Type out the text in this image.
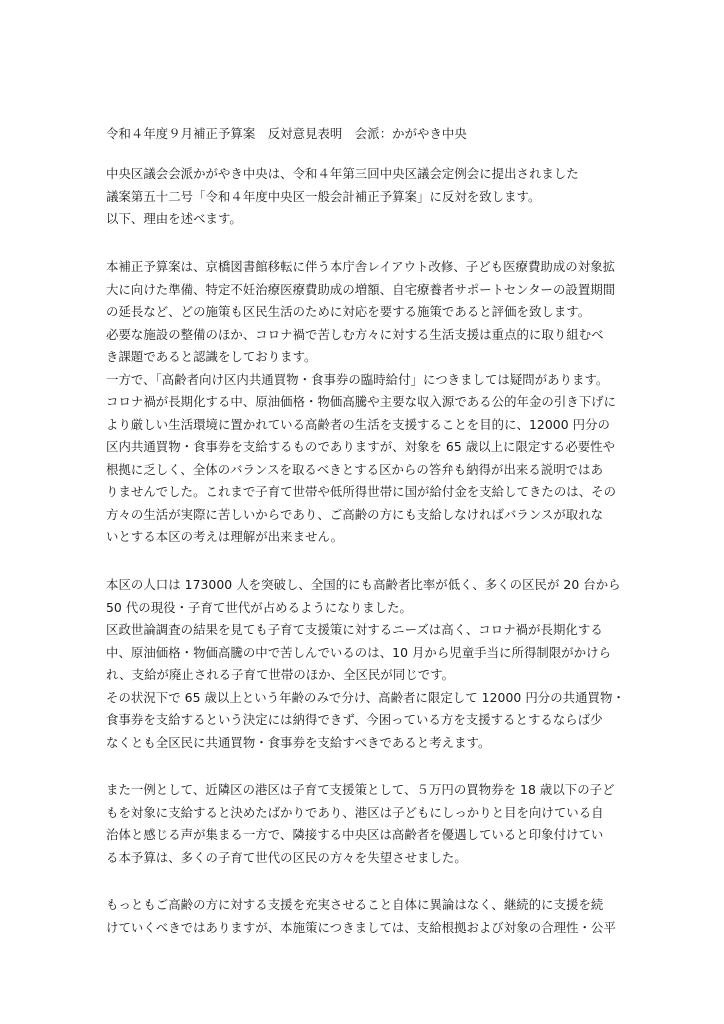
令和４年度９月補正予算案　反対意見表明　会派：かがやき中央
中央区議会会派かがやき中央は、令和４年第三回中央区議会定例会に提出されました
議案第五十二号「令和４年度中央区一般会計補正予算案」に反対を致します。
以下、理由を述べます。
本補正予算案は、京橋図書館移転に伴う本庁舎レイアウト改修、子ども医療費助成の対象拡
大に向けた準備、特定不妊治療医療費助成の増額、自宅療養者サポートセンターの設置期間
の延長など、どの施策も区民生活のために対応を要する施策であると評価を致します。
必要な施設の整備のほか、コロナ禍で苦しむ方々に対する生活支援は重点的に取り組むべ
き課題であると認識をしております。
一方で、「高齢者向け区内共通買物・食事券の臨時給付」につきましては疑問があります。
コロナ禍が長期化する中、原油価格・物価高騰や主要な収入源である公的年金の引き下げに
より厳しい生活環境に置かれている高齢者の生活を支援することを目的に、12000 円分の
区内共通買物・食事券を支給するものでありますが、対象を 65 歳以上に限定する必要性や
根拠に乏しく、全体のバランスを取るべきとする区からの答弁も納得が出来る説明ではあ
りませんでした。これまで子育て世帯や低所得世帯に国が給付金を支給してきたのは、その
方々の生活が実際に苦しいからであり、ご高齢の方にも支給しなければバランスが取れな
いとする本区の考えは理解が出来ません。
本区の人口は 173000 人を突破し、全国的にも高齢者比率が低く、多くの区民が 20 台から
50 代の現役・子育て世代が占めるようになりました。
区政世論調査の結果を見ても子育て支援策に対するニーズは高く、コロナ禍が長期化する
中、原油価格・物価高騰の中で苦しんでいるのは、10 月から児童手当に所得制限がかけら
れ、支給が廃止される子育て世帯のほか、全区民が同じです。
その状況下で 65 歳以上という年齢のみで分け、高齢者に限定して 12000 円分の共通買物・
食事券を支給するという決定には納得できず、今困っている方を支援するとするならば少
なくとも全区民に共通買物・食事券を支給すべきであると考えます。
また一例として、近隣区の港区は子育て支援策として、５万円の買物券を 18 歳以下の子ど
もを対象に支給すると決めたばかりであり、港区は子どもにしっかりと目を向けている自
治体と感じる声が集まる一方で、隣接する中央区は高齢者を優遇していると印象付けてい
る本予算は、多くの子育て世代の区民の方々を失望させました。
もっともご高齢の方に対する支援を充実させること自体に異論はなく、継続的に支援を続
けていくべきではありますが、本施策につきましては、支給根拠および対象の合理性・公平
